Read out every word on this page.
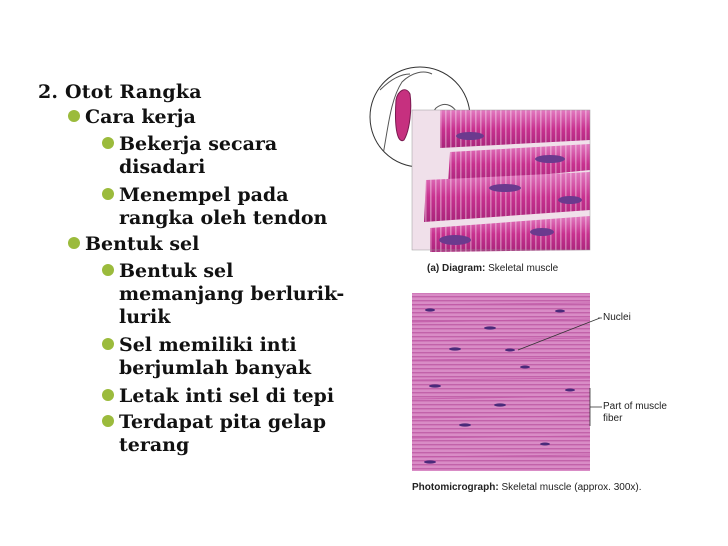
2. Otot Rangka
Cara kerja
Bekerja secara
disadari
Menempel pada
rangka oleh tendon
Bentuk sel
Bentuk sel
memanjang berlurik-
lurik
Sel memiliki inti
berjumlah banyak
Letak inti sel di tepi
Terdapat pita gelap
terang
(a) Diagram: Skeletal muscle
Nuclei
Part of muscle
fiber
Photomicrograph: Skeletal muscle (approx. 300x).
